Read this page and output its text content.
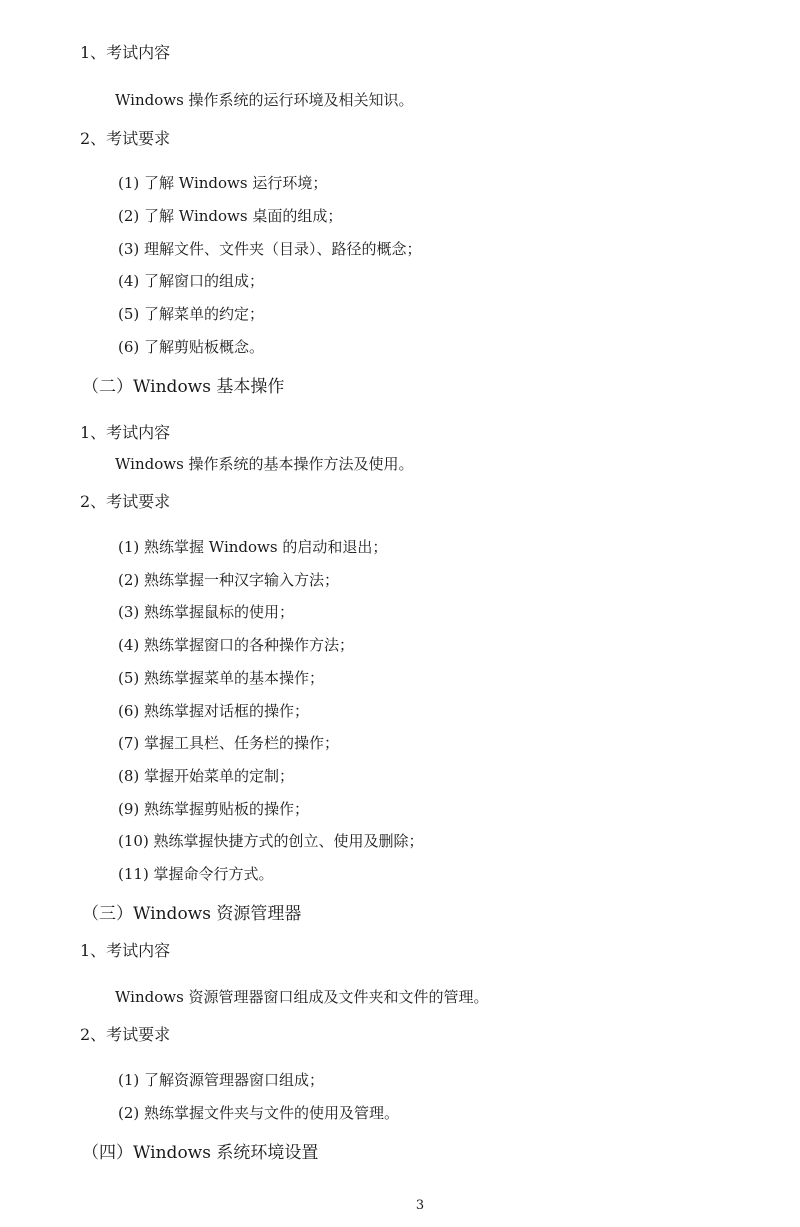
1、考试内容
Windows 操作系统的运行环境及相关知识。
2、考试要求
(1) 了解 Windows 运行环境；
(2) 了解 Windows 桌面的组成；
(3) 理解文件、文件夹（目录）、路径的概念；
(4) 了解窗口的组成；
(5) 了解菜单的约定；
(6) 了解剪贴板概念。
（二）Windows 基本操作
1、考试内容
Windows 操作系统的基本操作方法及使用。
2、考试要求
(1) 熟练掌握 Windows 的启动和退出；
(2) 熟练掌握一种汉字输入方法；
(3) 熟练掌握鼠标的使用；
(4) 熟练掌握窗口的各种操作方法；
(5) 熟练掌握菜单的基本操作；
(6) 熟练掌握对话框的操作；
(7) 掌握工具栏、任务栏的操作；
(8) 掌握开始菜单的定制；
(9) 熟练掌握剪贴板的操作；
(10) 熟练掌握快捷方式的创立、使用及删除；
(11) 掌握命令行方式。
（三）Windows 资源管理器
1、考试内容
Windows 资源管理器窗口组成及文件夹和文件的管理。
2、考试要求
(1) 了解资源管理器窗口组成；
(2) 熟练掌握文件夹与文件的使用及管理。
（四）Windows 系统环境设置
3
